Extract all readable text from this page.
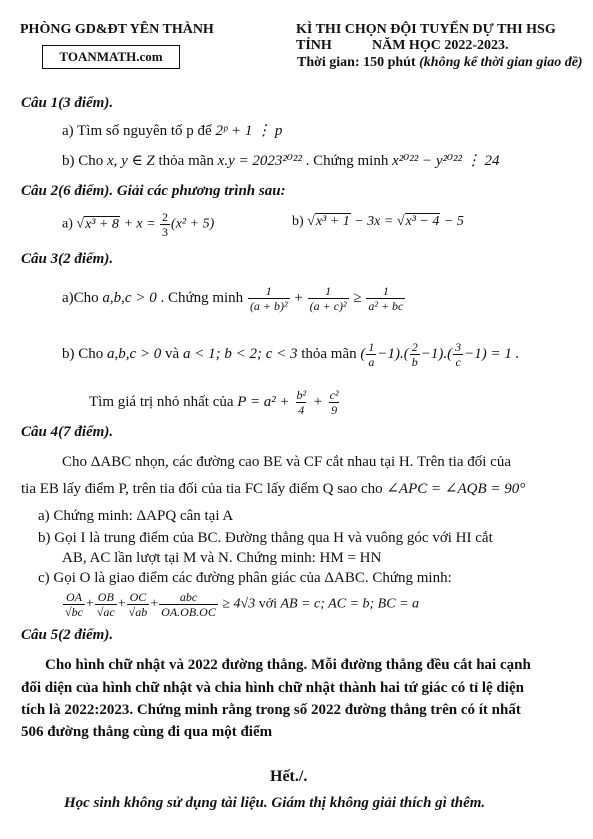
PHÒNG GD&ĐT YÊN THÀNH
TOANMATH.com
KÌ THI CHỌN ĐỘI TUYỂN DỰ THI HSG TỈNH	NĂM HỌC 2022-2023.
Thời gian: 150 phút (không kể thời gian giao đề)
Câu 1(3 điểm).
a) Tìm số nguyên tố p để 2ᵖ + 1 ⋮ p
b) Cho x, y ∈ Z thỏa mãn x.y = 2023²⁰²² . Chứng minh x²⁰²² − y²⁰²² ⋮ 24
Câu 2(6 điểm). Giải các phương trình sau:
a) $√x^3 + 8 + x = \frac{2}{3} (x^2 + 5)$	b) √x³ + 1 − 3x = √x³ − 4 − 5
Câu 3(2 điểm).
a)Cho a,b,c > 0 . Chứng minh $\frac{1}{\text{(a + b)²}} + \frac{1}{\text{(a + c)²}} \ge \frac{1}{\text{a² + bc}}$
b) Cho a,b,c > 0 và a < 1; b < 2; c < 3 thỏa mãn ( $\frac{1}{a} -1).( \frac{2}{b} -1).( \frac{3}{c} -1) = 1$ .
Tìm giá trị nhỏ nhất của $P = a^2 + \frac{\text{b²}}{4} + \frac{\text{c²}}{9}$
Câu 4(7 điểm).
Cho ΔABC nhọn, các đường cao BE và CF cắt nhau tại H. Trên tia đối của
tia EB lấy điểm P, trên tia đối của tia FC lấy điểm Q sao cho ∠APC = ∠AQB = 90°
a) Chứng minh: ΔAPQ cân tại A
b) Gọi I là trung điểm của BC. Đường thẳng qua H và vuông góc với HI cắt
AB, AC lần lượt tại M và N. Chứng minh: HM = HN
c) Gọi O là giao điểm các đường phân giác của ΔABC. Chứng minh:
$\frac{OA}{√bc} + \frac{OB}{√ac} + \frac{OC}{√ab} + \frac{\text{abc}}{OA.OB.OC} \ge 4√3$ với AB = c; AC = b; BC = a
Câu 5(2 điểm).
Cho hình chữ nhật và 2022 đường thẳng. Mỗi đường thẳng đều cắt hai cạnh
đối diện của hình chữ nhật và chia hình chữ nhật thành hai tứ giác có tỉ lệ diện
tích là 2022:2023. Chứng minh rằng trong số 2022 đường thẳng trên có ít nhất
506 đường thẳng cùng đi qua một điểm
Hết./.
Học sinh không sử dụng tài liệu. Giám thị không giải thích gì thêm.
